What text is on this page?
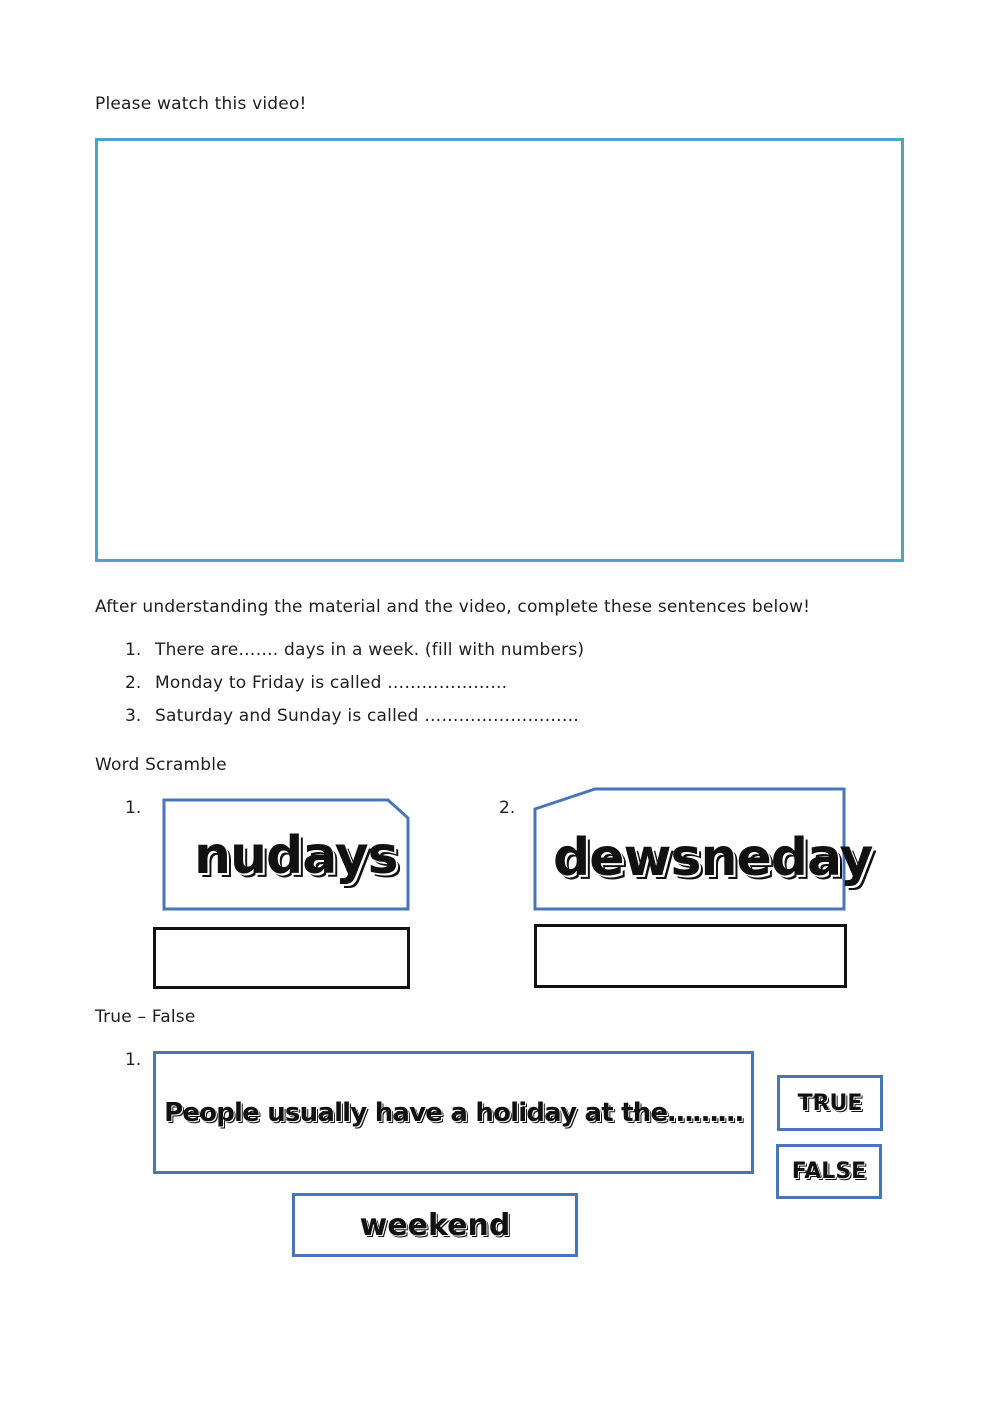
Please watch this video!
After understanding the material and the video, complete these sentences below!
1. There are……. days in a week. (fill with numbers)
2. Monday to Friday is called ………………...
3. Saturday and Sunday is called ………………………
Word Scramble
1.
nudays
2.
dewsneday
True – False
1.
People usually have a holiday at the……… TRUE
FALSE
weekend
